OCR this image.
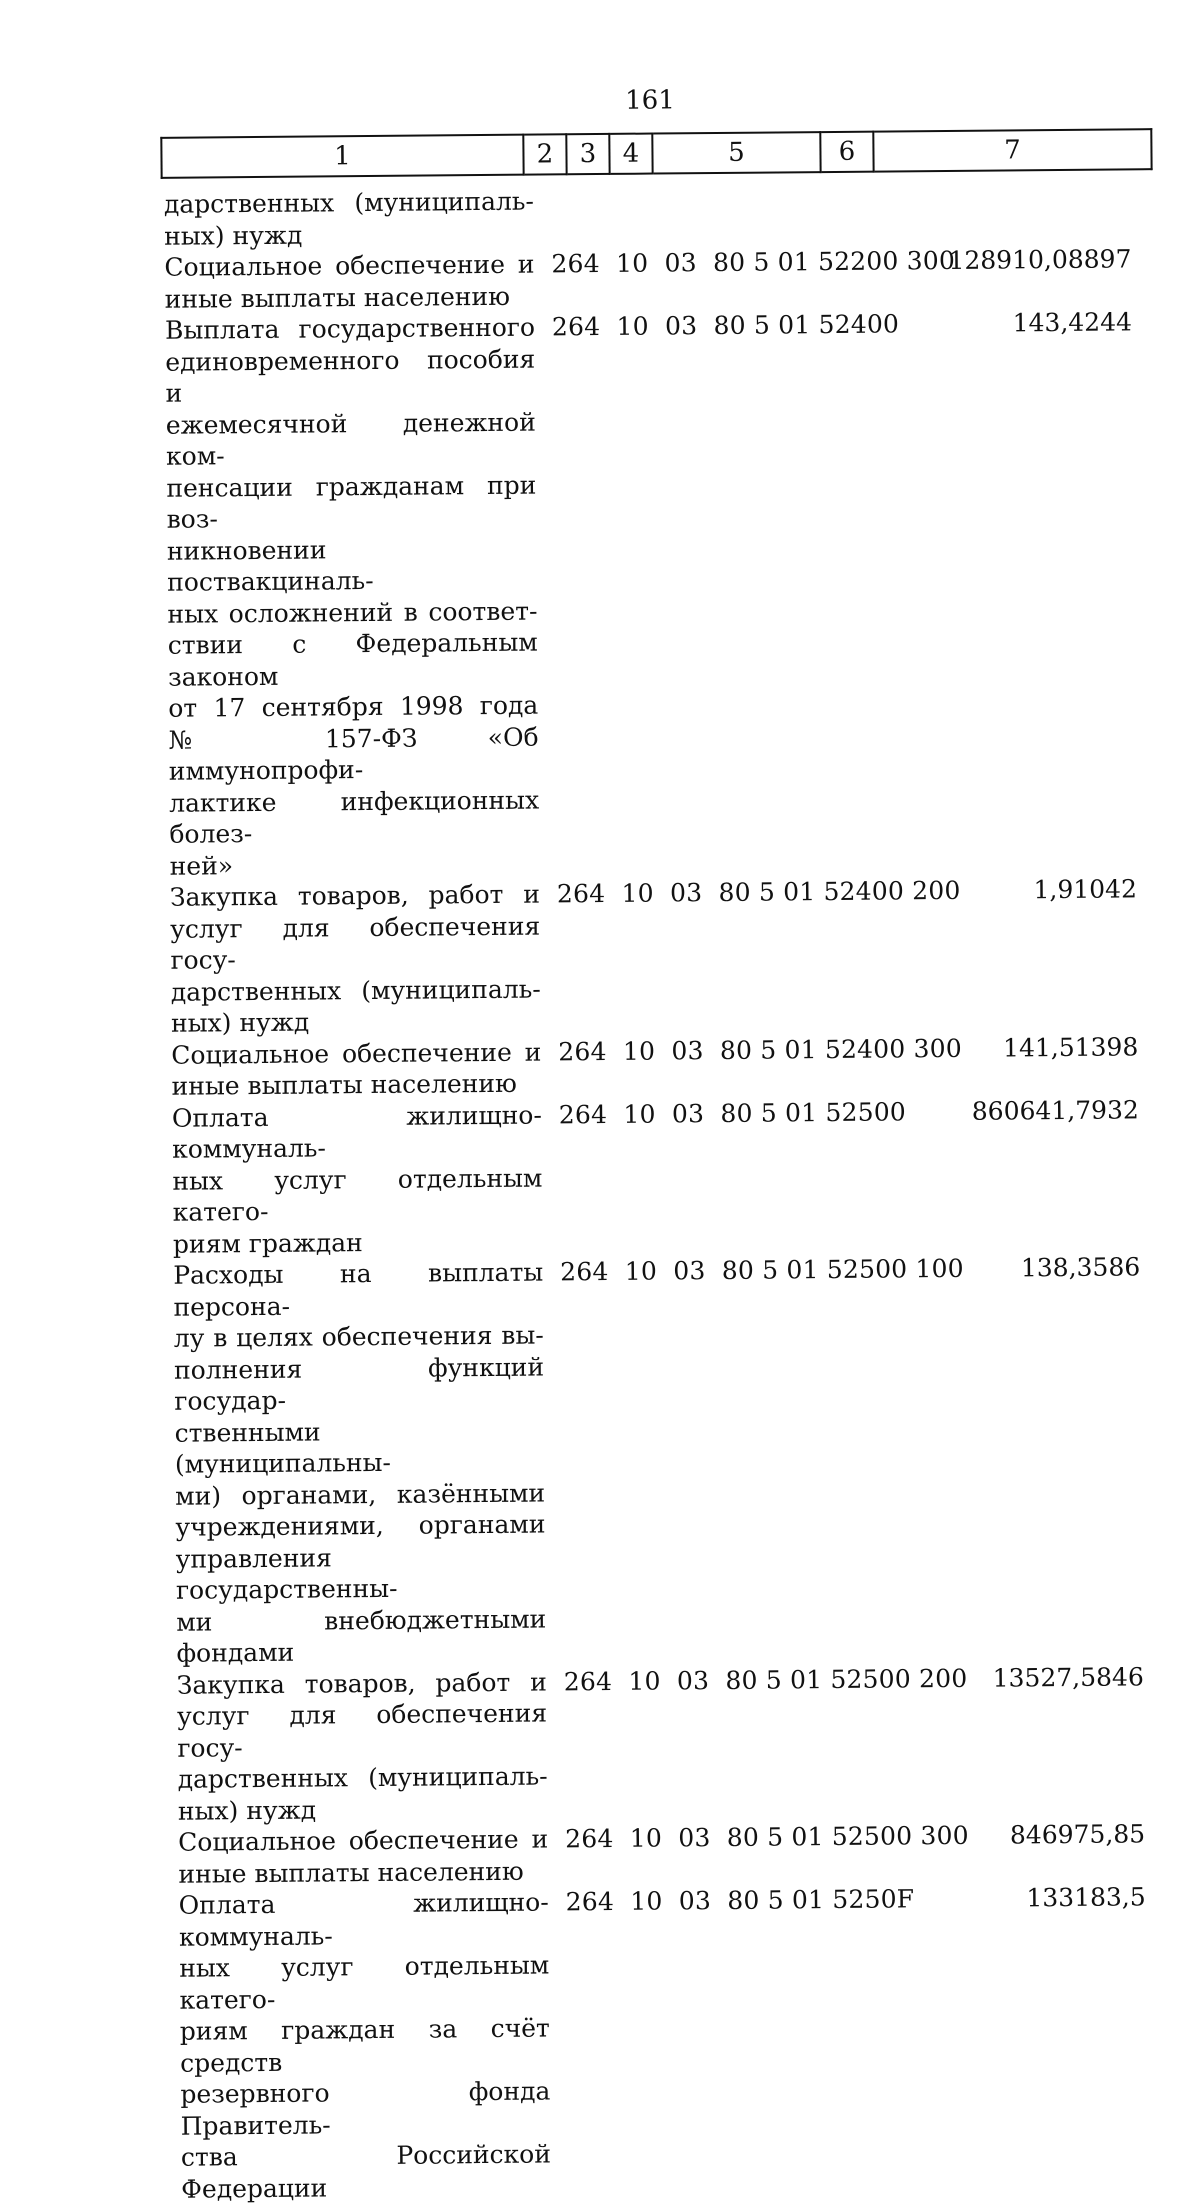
161
1	2	3	4	5	6	7
дарственных (муниципаль-
ных) нужд
Социальное обеспечение и
иные выплаты населению
264  10  03  80 5 01 52200 300
128910,08897
Выплата государственного
единовременного пособия и
ежемесячной денежной ком-
пенсации гражданам при воз-
никновении поствакциналь-
ных осложнений в соответ-
ствии с Федеральным законом
от 17 сентября 1998 года
№ 157-ФЗ «Об иммунопрофи-
лактике инфекционных болез-
ней»
264  10  03  80 5 01 52400	143,4244
Закупка товаров, работ и
услуг для обеспечения госу-
дарственных (муниципаль-
ных) нужд
264  10  03  80 5 01 52400 200	1,91042
Социальное обеспечение и
иные выплаты населению
264  10  03  80 5 01 52400 300	141,51398
Оплата жилищно-коммуналь-
ных услуг отдельным катего-
риям граждан
264  10  03  80 5 01 52500	860641,7932
Расходы на выплаты персона-
лу в целях обеспечения вы-
полнения функций государ-
ственными (муниципальны-
ми) органами, казёнными
учреждениями, органами
управления государственны-
ми внебюджетными фондами
264  10  03  80 5 01 52500 100	138,3586
Закупка товаров, работ и
услуг для обеспечения госу-
дарственных (муниципаль-
ных) нужд
264  10  03  80 5 01 52500 200	13527,5846
Социальное обеспечение и
иные выплаты населению
264  10  03  80 5 01 52500 300	846975,85
Оплата жилищно-коммуналь-
ных услуг отдельным катего-
риям граждан за счёт средств
резервного фонда Правитель-
ства Российской Федерации
264  10  03  80 5 01 5250F	133183,5
